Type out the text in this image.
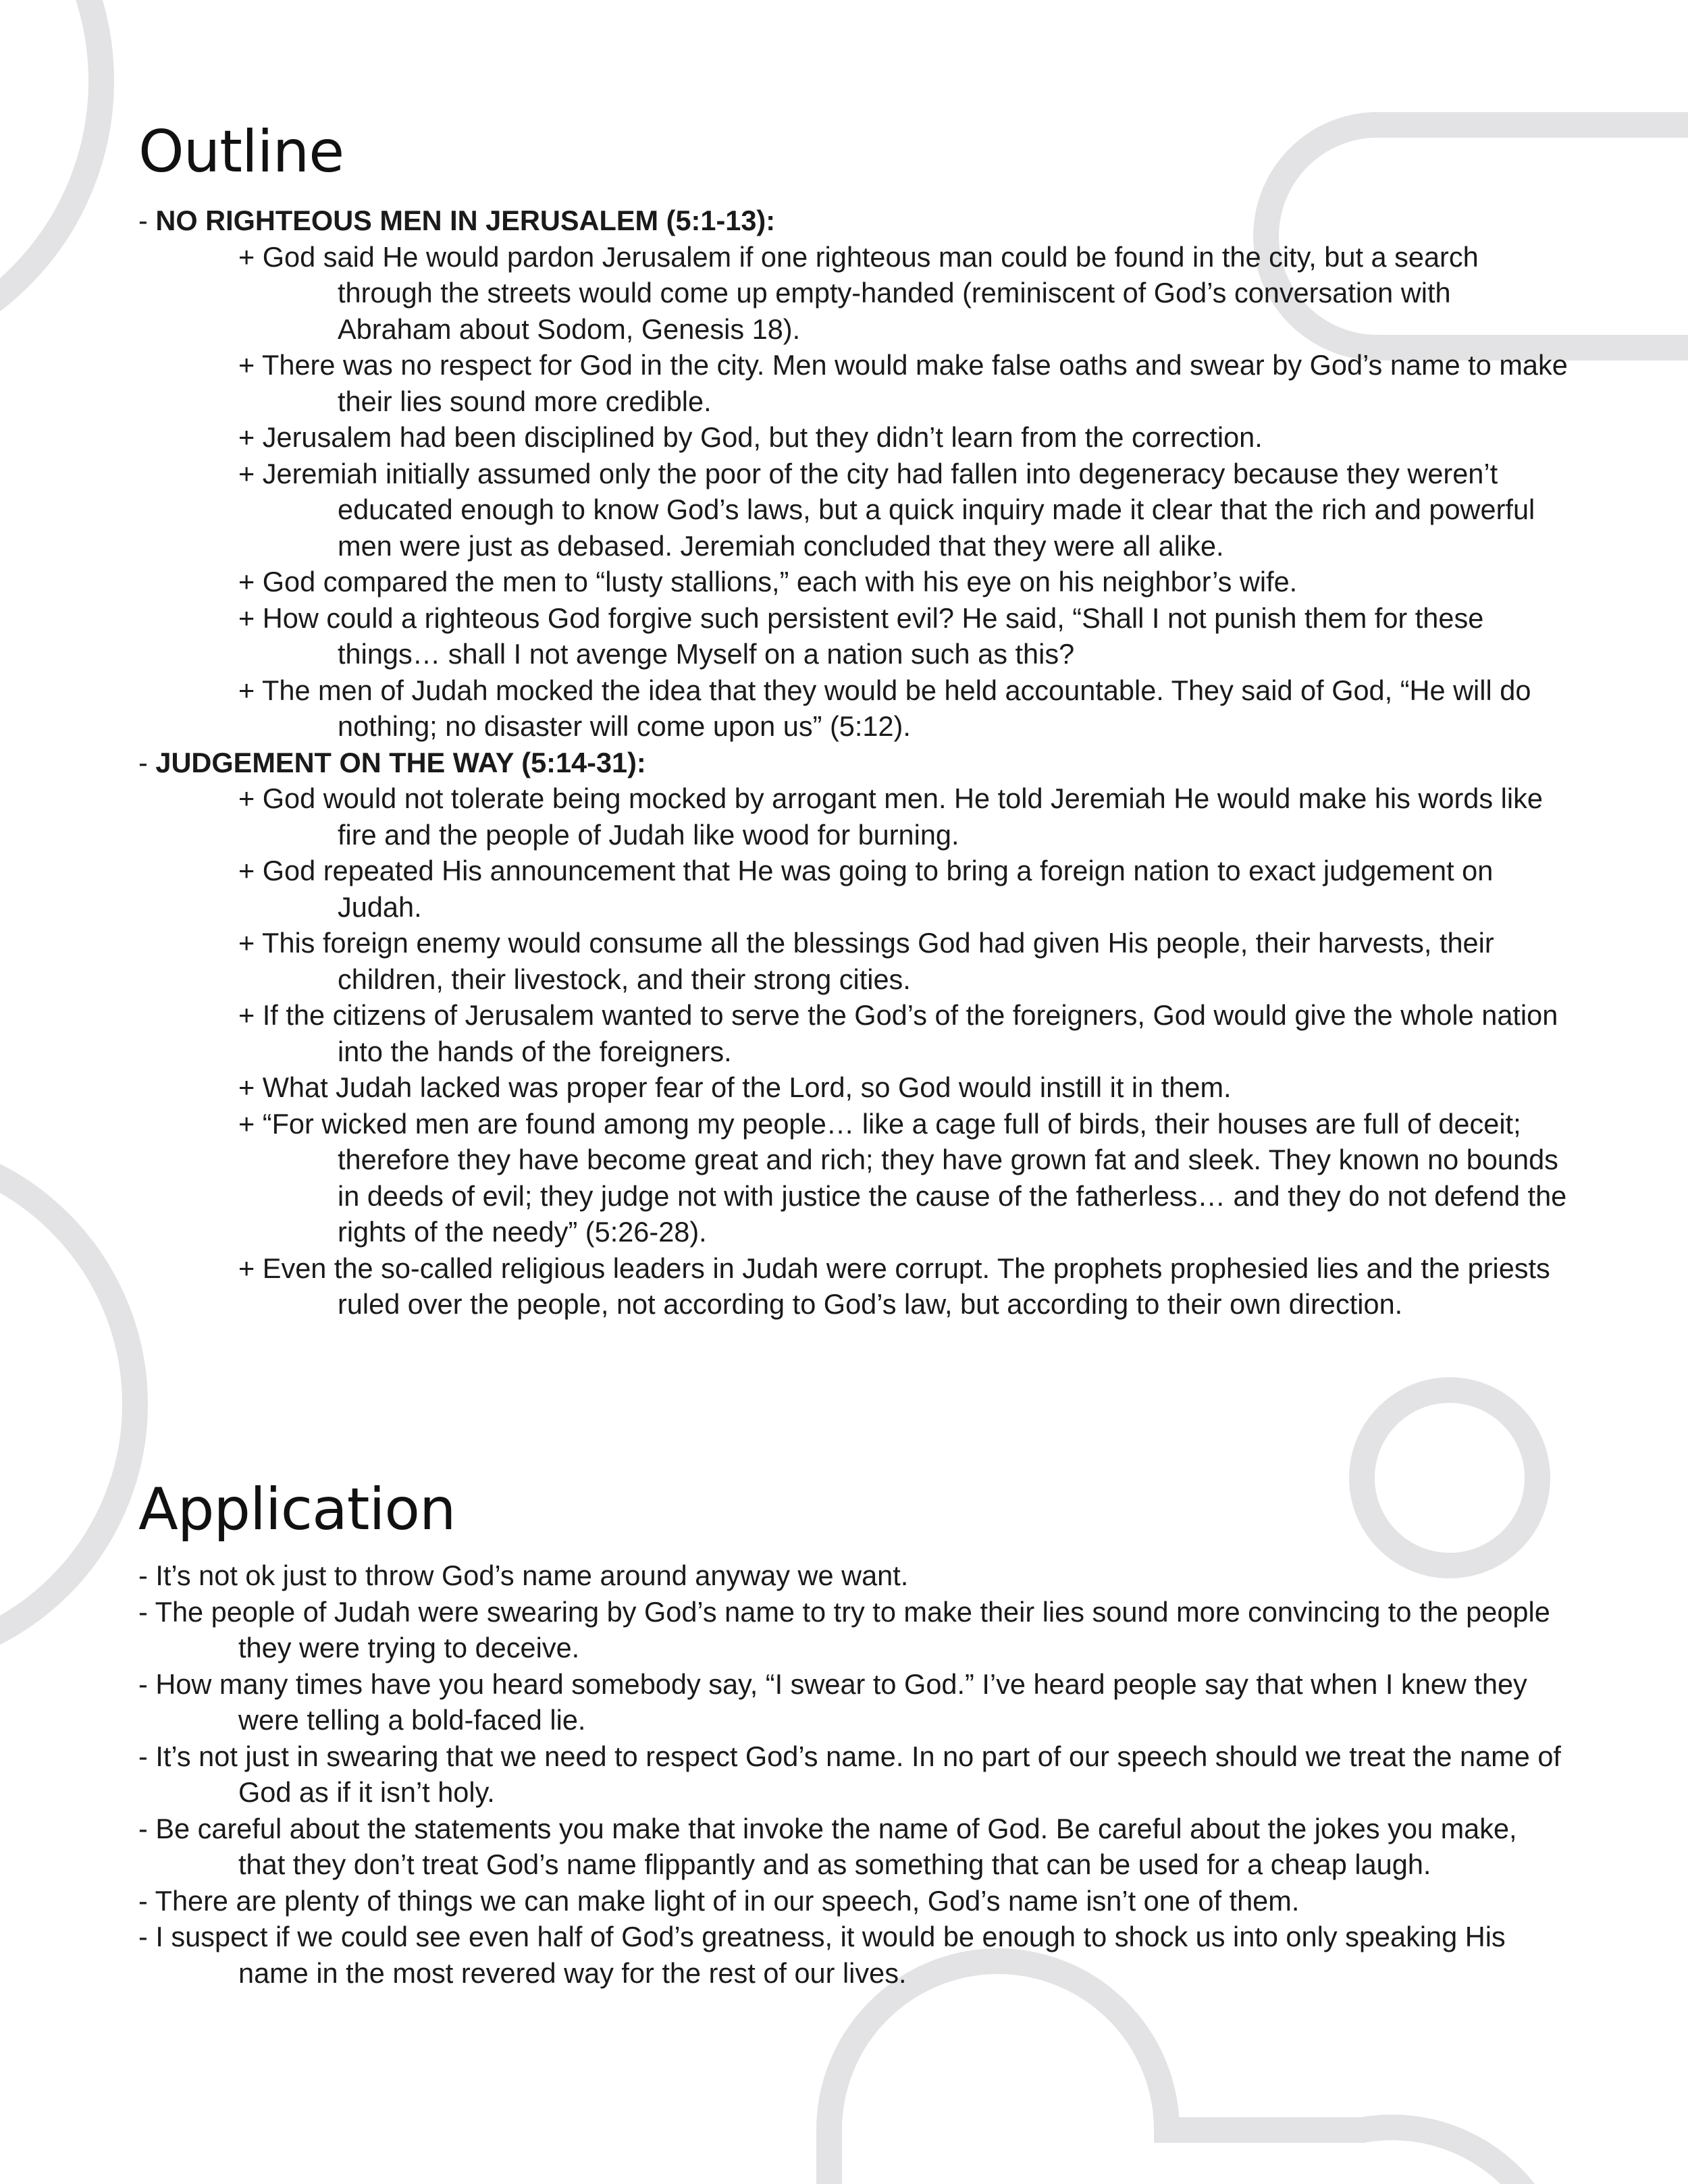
Outline
- NO RIGHTEOUS MEN IN JERUSALEM (5:1-13):
+ God said He would pardon Jerusalem if one righteous man could be found in the city, but a search through the streets would come up empty-handed (reminiscent of God’s conversation with Abraham about Sodom, Genesis 18).
+ There was no respect for God in the city. Men would make false oaths and swear by God’s name to make their lies sound more credible.
+ Jerusalem had been disciplined by God, but they didn’t learn from the correction.
+ Jeremiah initially assumed only the poor of the city had fallen into degeneracy because they weren’t educated enough to know God’s laws, but a quick inquiry made it clear that the rich and powerful men were just as debased. Jeremiah concluded that they were all alike.
+ God compared the men to “lusty stallions,” each with his eye on his neighbor’s wife.
+ How could a righteous God forgive such persistent evil? He said, “Shall I not punish them for these things… shall I not avenge Myself on a nation such as this?
+ The men of Judah mocked the idea that they would be held accountable. They said of God, “He will do nothing; no disaster will come upon us” (5:12).
- JUDGEMENT ON THE WAY (5:14-31):
+ God would not tolerate being mocked by arrogant men. He told Jeremiah He would make his words like fire and the people of Judah like wood for burning.
+ God repeated His announcement that He was going to bring a foreign nation to exact judgement on Judah.
+ This foreign enemy would consume all the blessings God had given His people, their harvests, their children, their livestock, and their strong cities.
+ If the citizens of Jerusalem wanted to serve the God’s of the foreigners, God would give the whole nation into the hands of the foreigners.
+ What Judah lacked was proper fear of the Lord, so God would instill it in them.
+ “For wicked men are found among my people… like a cage full of birds, their houses are full of deceit; therefore they have become great and rich; they have grown fat and sleek. They known no bounds in deeds of evil; they judge not with justice the cause of the fatherless… and they do not defend the rights of the needy” (5:26-28).
+ Even the so-called religious leaders in Judah were corrupt. The prophets prophesied lies and the priests ruled over the people, not according to God’s law, but according to their own direction.
Application
- It’s not ok just to throw God’s name around anyway we want.
- The people of Judah were swearing by God’s name to try to make their lies sound more convincing to the people they were trying to deceive.
- How many times have you heard somebody say, “I swear to God.” I’ve heard people say that when I knew they were telling a bold-faced lie.
- It’s not just in swearing that we need to respect God’s name. In no part of our speech should we treat the name of God as if it isn’t holy.
- Be careful about the statements you make that invoke the name of God. Be careful about the jokes you make, that they don’t treat God’s name flippantly and as something that can be used for a cheap laugh.
- There are plenty of things we can make light of in our speech, God’s name isn’t one of them.
- I suspect if we could see even half of God’s greatness, it would be enough to shock us into only speaking His name in the most revered way for the rest of our lives.
